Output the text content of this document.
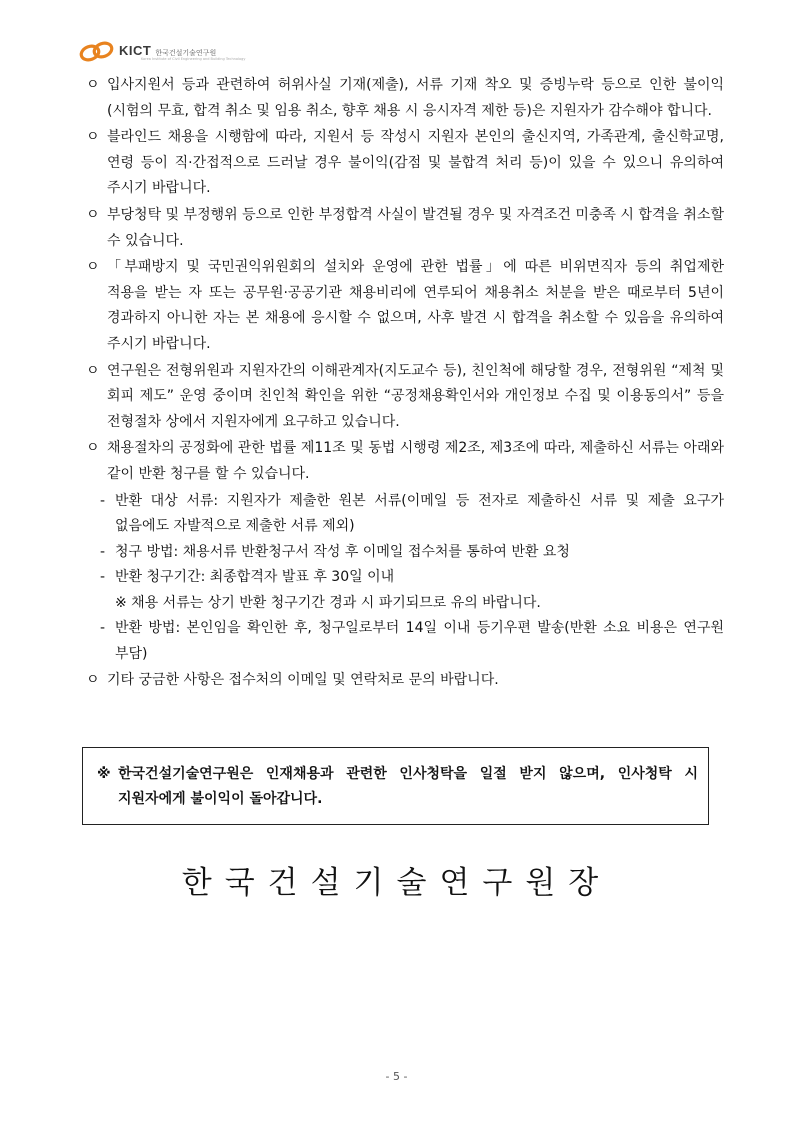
KICT 한국건설기술연구원
Korea Institute of Civil Engineering and Building Technology
ㅇ 입사지원서 등과 관련하여 허위사실 기재(제출), 서류 기재 착오 및 증빙누락 등으로 인한 불이익(시험의 무효, 합격 취소 및 임용 취소, 향후 채용 시 응시자격 제한 등)은 지원자가 감수해야 합니다.
ㅇ 블라인드 채용을 시행함에 따라, 지원서 등 작성시 지원자 본인의 출신지역, 가족관계, 출신학교명, 연령 등이 직·간접적으로 드러날 경우 불이익(감점 및 불합격 처리 등)이 있을 수 있으니 유의하여 주시기 바랍니다.
ㅇ 부당청탁 및 부정행위 등으로 인한 부정합격 사실이 발견될 경우 및 자격조건 미충족 시 합격을 취소할 수 있습니다.
ㅇ 「부패방지 및 국민권익위원회의 설치와 운영에 관한 법률」에 따른 비위면직자 등의 취업제한 적용을 받는 자 또는 공무원·공공기관 채용비리에 연루되어 채용취소 처분을 받은 때로부터 5년이 경과하지 아니한 자는 본 채용에 응시할 수 없으며, 사후 발견 시 합격을 취소할 수 있음을 유의하여 주시기 바랍니다.
ㅇ 연구원은 전형위원과 지원자간의 이해관계자(지도교수 등), 친인척에 해당할 경우, 전형위원 “제척 및 회피 제도” 운영 중이며 친인척 확인을 위한 “공정채용확인서와 개인정보 수집 및 이용동의서” 등을 전형절차 상에서 지원자에게 요구하고 있습니다.
ㅇ 채용절차의 공정화에 관한 법률 제11조 및 동법 시행령 제2조, 제3조에 따라, 제출하신 서류는 아래와 같이 반환 청구를 할 수 있습니다.
- 반환 대상 서류: 지원자가 제출한 원본 서류(이메일 등 전자로 제출하신 서류 및 제출 요구가 없음에도 자발적으로 제출한 서류 제외)
- 청구 방법: 채용서류 반환청구서 작성 후 이메일 접수처를 통하여 반환 요청
- 반환 청구기간: 최종합격자 발표 후 30일 이내
※ 채용 서류는 상기 반환 청구기간 경과 시 파기되므로 유의 바랍니다.
- 반환 방법: 본인임을 확인한 후, 청구일로부터 14일 이내 등기우편 발송(반환 소요 비용은 연구원 부담)
ㅇ 기타 궁금한 사항은 접수처의 이메일 및 연락처로 문의 바랍니다.
※ 한국건설기술연구원은 인재채용과 관련한 인사청탁을 일절 받지 않으며, 인사청탁 시 지원자에게 불이익이 돌아갑니다.
한국건설기술연구원장
- 5 -
